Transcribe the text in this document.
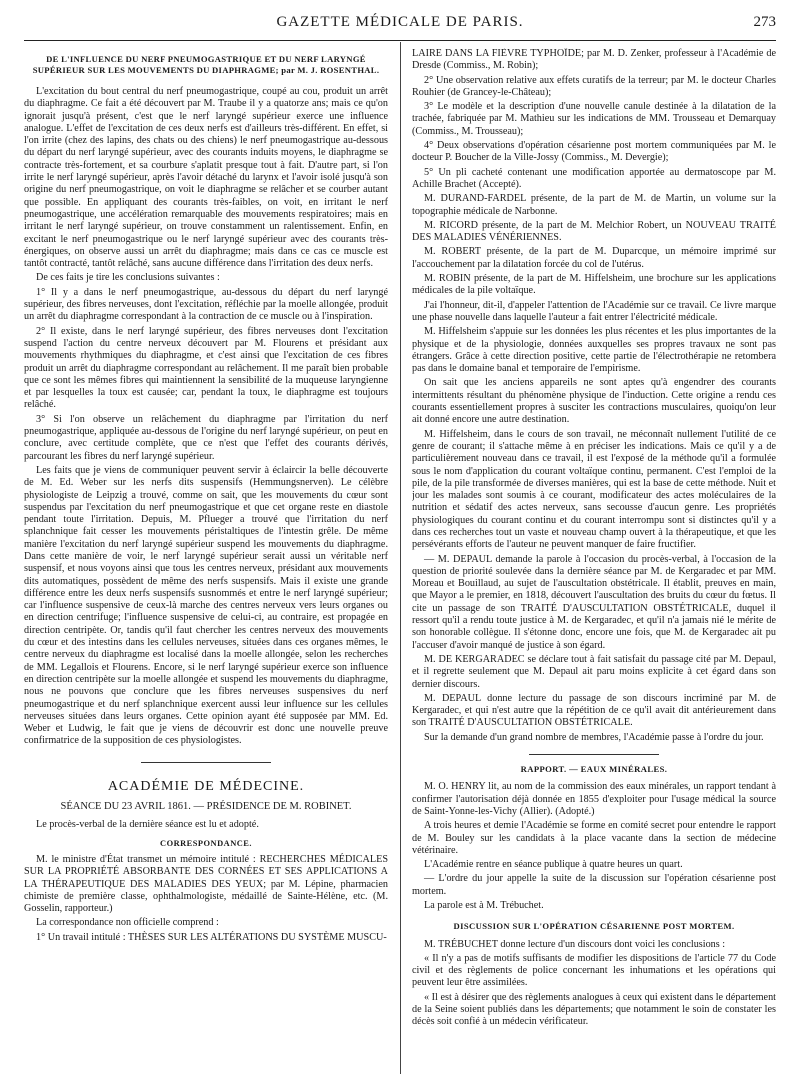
GAZETTE MÉDICALE DE PARIS.	273
DE L'INFLUENCE DU NERF PNEUMOGASTRIQUE ET DU NERF LARYNGÉ SUPÉRIEUR SUR LES MOUVEMENTS DU DIAPHRAGME; par M. J. ROSENTHAL.

L'excitation du bout central du nerf pneumogastrique, coupé au cou, produit un arrêt du diaphragme. Ce fait a été découvert par M. Traube il y a quatorze ans; mais ce qu'on ignorait jusqu'à présent, c'est que le nerf laryngé supérieur exerce une influence analogue. L'effet de l'excitation de ces deux nerfs est d'ailleurs très-différent. En effet, si l'on irrite (chez des lapins, des chats ou des chiens) le nerf pneumogastrique au-dessous du départ du nerf laryngé supérieur, avec des courants induits moyens, le diaphragme se contracte très-fortement, et sa courbure s'aplatit presque tout à fait. D'autre part, si l'on irrite le nerf laryngé supérieur, après l'avoir détaché du larynx et l'avoir isolé jusqu'à son origine du nerf pneumogastrique, on voit le diaphragme se relâcher et se courber autant que possible. En appliquant des courants très-faibles, on voit, en irritant le nerf pneumogastrique, une accélération remarquable des mouvements respiratoires; mais en irritant le nerf laryngé supérieur, on trouve constamment un ralentissement. Enfin, en excitant le nerf pneumogastrique ou le nerf laryngé supérieur avec des courants très-énergiques, on observe aussi un arrêt du diaphragme; mais dans ce cas ce muscle est tantôt contracté, tantôt relâché, sans aucune différence dans l'irritation des deux nerfs.

De ces faits je tire les conclusions suivantes :

1° Il y a dans le nerf pneumogastrique, au-dessous du départ du nerf laryngé supérieur, des fibres nerveuses, dont l'excitation, réfléchie par la moelle allongée, produit un arrêt du diaphragme correspondant à la contraction de ce muscle ou à l'inspiration.

2° Il existe, dans le nerf laryngé supérieur, des fibres nerveuses dont l'excitation suspend l'action du centre nerveux découvert par M. Flourens et présidant aux mouvements rhythmiques du diaphragme, et c'est ainsi que l'excitation de ces fibres produit un arrêt du diaphragme correspondant au relâchement. Il me paraît bien probable que ce sont les mêmes fibres qui maintiennent la sensibilité de la muqueuse laryngienne et par lesquelles la toux est causée; car, pendant la toux, le diaphragme est toujours relâché.

3° Si l'on observe un relâchement du diaphragme par l'irritation du nerf pneumogastrique, appliquée au-dessous de l'origine du nerf laryngé supérieur, on peut en conclure, avec certitude complète, que ce n'est que l'effet des courants dérivés, parcourant les fibres du nerf laryngé supérieur.

Les faits que je viens de communiquer peuvent servir à éclaircir la belle découverte de M. Ed. Weber sur les nerfs dits suspensifs (Hemmungsnerven). Le célèbre physiologiste de Leipzig a trouvé, comme on sait, que les mouvements du cœur sont suspendus par l'excitation du nerf pneumogastrique et que cet organe reste en diastole pendant toute l'irritation. Depuis, M. Pflueger a trouvé que l'irritation du nerf splanchnique fait cesser les mouvements péristaltiques de l'intestin grêle. De même manière l'excitation du nerf laryngé supérieur suspend les mouvements du diaphragme. Dans cette manière de voir, le nerf laryngé supérieur serait aussi un véritable nerf suspensif, et nous voyons ainsi que tous les centres nerveux, présidant aux mouvements dits automatiques, possèdent de même des nerfs suspensifs. Mais il existe une grande différence entre les deux nerfs suspensifs susnommés et entre le nerf laryngé supérieur; car l'influence suspensive de ceux-là marche des centres nerveux vers leurs organes ou en direction centrifuge; l'influence suspensive de celui-ci, au contraire, est propagée en direction centripète. Or, tandis qu'il faut chercher les centres nerveux des mouvements du cœur et des intestins dans les cellules nerveuses, situées dans ces organes mêmes, le centre nerveux du diaphragme est localisé dans la moelle allongée, selon les recherches de MM. Legallois et Flourens. Encore, si le nerf laryngé supérieur exerce son influence en direction centripète sur la moelle allongée et suspend les mouvements du diaphragme, nous ne pouvons que conclure que les fibres nerveuses suspensives du nerf pneumogastrique et du nerf splanchnique exercent aussi leur influence sur les cellules nerveuses situées dans leurs organes. Cette opinion ayant été supposée par MM. Ed. Weber et Ludwig, le fait que je viens de découvrir est donc une nouvelle preuve confirmatrice de la supposition de ces physiologistes.

ACADÉMIE DE MÉDECINE.
SÉANCE DU 23 AVRIL 1861. — PRÉSIDENCE DE M. ROBINET.

Le procès-verbal de la dernière séance est lu et adopté.

CORRESPONDANCE.

M. le ministre d'État transmet un mémoire intitulé : RECHERCHES MÉDICALES SUR LA PROPRIÉTÉ ABSORBANTE DES CORNÉES ET SES APPLICATIONS A LA THÉRAPEUTIQUE DES MALADIES DES YEUX; par M. Lépine, pharmacien chimiste de première classe, ophthalmologiste, médaillé de Sainte-Hélène, etc. (M. Gosselin, rapporteur.)

La correspondance non officielle comprend :

1° Un travail intitulé : THÈSES SUR LES ALTÉRATIONS DU SYSTÈME MUSCU-

LAIRE DANS LA FIÈVRE TYPHOÏDE; par M. D. Zenker, professeur à l'Académie de Dresde (Commiss., M. Robin);

2° Une observation relative aux effets curatifs de la terreur; par M. le docteur Charles Rouhier (de Grancey-le-Château);

3° Le modèle et la description d'une nouvelle canule destinée à la dilatation de la trachée, fabriquée par M. Mathieu sur les indications de MM. Trousseau et Demarquay (Commiss., M. Trousseau);

4° Deux observations d'opération césarienne post mortem communiquées par M. le docteur P. Boucher de la Ville-Jossy (Commiss., M. Devergie);

5° Un pli cacheté contenant une modification apportée au dermatoscope par M. Achille Brachet (Accepté).

M. DURAND-FARDEL présente, de la part de M. de Martin, un volume sur la topographie médicale de Narbonne.

M. RICORD présente, de la part de M. Melchior Robert, un NOUVEAU TRAITÉ DES MALADIES VÉNÉRIENNES.

M. ROBERT présente, de la part de M. Duparcque, un mémoire imprimé sur l'accouchement par la dilatation forcée du col de l'utérus.

M. ROBIN présente, de la part de M. Hiffelsheim, une brochure sur les applications médicales de la pile voltaïque.

J'ai l'honneur, dit-il, d'appeler l'attention de l'Académie sur ce travail. Ce livre marque une phase nouvelle dans laquelle l'auteur a fait entrer l'électricité médicale.

M. Hiffelsheim s'appuie sur les données les plus récentes et les plus importantes de la physique et de la physiologie, données auxquelles ses propres travaux ne sont pas étrangers. Grâce à cette direction positive, cette partie de l'électrothérapie ne retombera pas dans le domaine banal et temporaire de l'empirisme.

On sait que les anciens appareils ne sont aptes qu'à engendrer des courants intermittents résultant du phénomène physique de l'induction. Cette origine a rendu ces courants essentiellement propres à susciter les contractions musculaires, quoiqu'on leur ait donné encore une autre destination.

M. Hiffelsheim, dans le cours de son travail, ne méconnaît nullement l'utilité de ce genre de courant; il s'attache même à en préciser les indications. Mais ce qu'il y a de particulièrement nouveau dans ce travail, il est l'exposé de la méthode qu'il a formulée sous le nom d'application du courant voltaïque continu, permanent. C'est l'emploi de la pile, de la pile transformée de diverses manières, qui est la base de cette méthode. Nuit et jour les malades sont soumis à ce courant, modificateur des actes moléculaires de la nutrition et sédatif des actes nerveux, sans secousse d'aucun genre. Les propriétés physiologiques du courant continu et du courant interrompu sont si distinctes qu'il y a dans ces recherches tout un vaste et nouveau champ ouvert à la thérapeutique, et que les persévérants efforts de l'auteur ne peuvent manquer de faire fructifier.

— M. DEPAUL demande la parole à l'occasion du procès-verbal, à l'occasion de la question de priorité soulevée dans la dernière séance par M. de Kergaradec et par MM. Moreau et Bouillaud, au sujet de l'auscultation obstétricale. Il établit, preuves en main, que Mayor a le premier, en 1818, découvert l'auscultation des bruits du cœur du fœtus. Il cite un passage de son TRAITÉ D'AUSCULTATION OBSTÉTRICALE, duquel il ressort qu'il a rendu toute justice à M. de Kergaradec, et qu'il n'a jamais nié le mérite de son honorable collègue. Il s'étonne donc, encore une fois, que M. de Kergaradec ait pu l'accuser d'avoir manqué de justice à son égard.

M. DE KERGARADEC se déclare tout à fait satisfait du passage cité par M. Depaul, et il regrette seulement que M. Depaul ait paru moins explicite à cet égard dans son dernier discours.

M. DEPAUL donne lecture du passage de son discours incriminé par M. de Kergaradec, et qui n'est autre que la répétition de ce qu'il avait dit antérieurement dans son TRAITÉ D'AUSCULTATION OBSTÉTRICALE.

Sur la demande d'un grand nombre de membres, l'Académie passe à l'ordre du jour.

RAPPORT. — EAUX MINÉRALES.

M. O. HENRY lit, au nom de la commission des eaux minérales, un rapport tendant à confirmer l'autorisation déjà donnée en 1855 d'exploiter pour l'usage médical la source de Saint-Yonne-les-Vichy (Allier). (Adopté.)

A trois heures et demie l'Académie se forme en comité secret pour entendre le rapport de M. Bouley sur les candidats à la place vacante dans la section de médecine vétérinaire.

L'Académie rentre en séance publique à quatre heures un quart.

— L'ordre du jour appelle la suite de la discussion sur l'opération césarienne post mortem.

La parole est à M. Trébuchet.

DISCUSSION SUR L'OPÉRATION CÉSARIENNE POST MORTEM.

M. TRÉBUCHET donne lecture d'un discours dont voici les conclusions :

« Il n'y a pas de motifs suffisants de modifier les dispositions de l'article 77 du Code civil et des règlements de police concernant les inhumations et les opérations qui peuvent leur être assimilées.

« Il est à désirer que des règlements analogues à ceux qui existent dans le département de la Seine soient publiés dans les départements; que notamment le soin de constater les décès soit confié à un médecin vérificateur.
